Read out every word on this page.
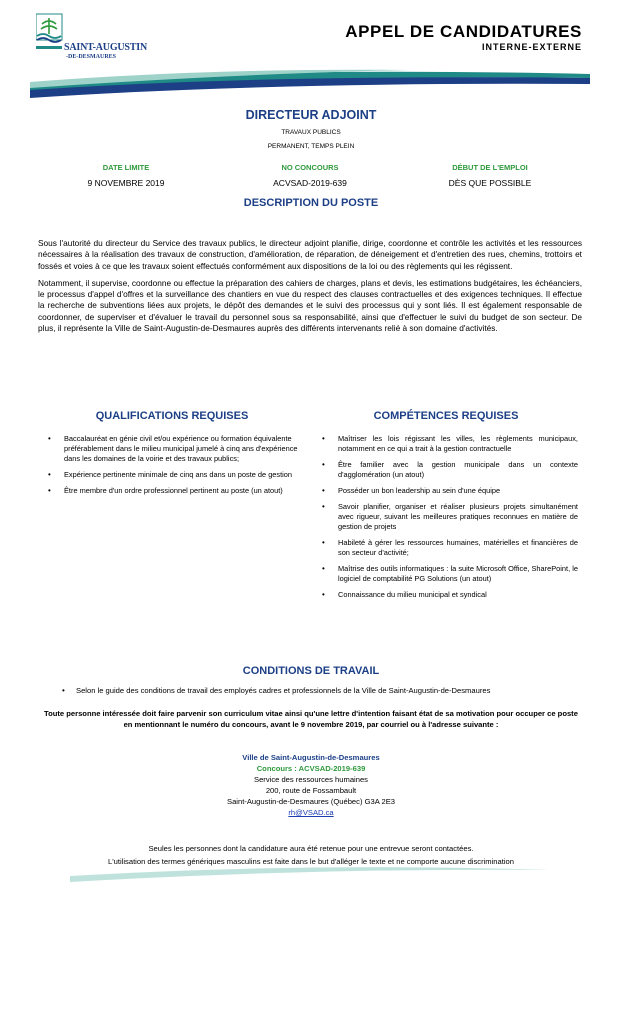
SAINT-AUGUSTIN
-DE-DESMAURES
APPEL DE CANDIDATURES
INTERNE-EXTERNE
DIRECTEUR ADJOINT
TRAVAUX PUBLICS
PERMANENT, TEMPS PLEIN
DATE LIMITE
9 NOVEMBRE 2019
NO CONCOURS
ACVSAD-2019-639
DÉBUT DE L'EMPLOI
DÈS QUE POSSIBLE
DESCRIPTION DU POSTE

Sous l'autorité du directeur du Service des travaux publics, le directeur adjoint planifie, dirige, coordonne et contrôle les activités et les ressources nécessaires à la réalisation des travaux de construction, d'amélioration, de réparation, de déneigement et d'entretien des rues, chemins, trottoirs et fossés et voies à ce que les travaux soient effectués conformément aux dispositions de la loi ou des règlements qui les régissent.

Notamment, il supervise, coordonne ou effectue la préparation des cahiers de charges, plans et devis, les estimations budgétaires, les échéanciers, le processus d'appel d'offres et la surveillance des chantiers en vue du respect des clauses contractuelles et des exigences techniques. Il effectue la recherche de subventions liées aux projets, le dépôt des demandes et le suivi des processus qui y sont liés. Il est également responsable de coordonner, de superviser et d'évaluer le travail du personnel sous sa responsabilité, ainsi que d'effectuer le suivi du budget de son secteur. De plus, il représente la Ville de Saint-Augustin-de-Desmaures auprès des différents intervenants relié à son domaine d'activités.

QUALIFICATIONS REQUISES
• Baccalauréat en génie civil et/ou expérience ou formation équivalente préférablement dans le milieu municipal jumelé à cinq ans d'expérience dans les domaines de la voirie et des travaux publics;
• Expérience pertinente minimale de cinq ans dans un poste de gestion
• Être membre d'un ordre professionnel pertinent au poste (un atout)
COMPÉTENCES REQUISES
• Maîtriser les lois régissant les villes, les règlements municipaux, notamment en ce qui a trait à la gestion contractuelle
• Être familier avec la gestion municipale dans un contexte d'agglomération (un atout)
• Posséder un bon leadership au sein d'une équipe
• Savoir planifier, organiser et réaliser plusieurs projets simultanément avec rigueur, suivant les meilleures pratiques reconnues en matière de gestion de projets
• Habileté à gérer les ressources humaines, matérielles et financières de son secteur d'activité;
• Maîtrise des outils informatiques : la suite Microsoft Office, SharePoint, le logiciel de comptabilité PG Solutions (un atout)
• Connaissance du milieu municipal et syndical
CONDITIONS DE TRAVAIL
• Selon le guide des conditions de travail des employés cadres et professionnels de la Ville de Saint-Augustin-de-Desmaures
Toute personne intéressée doit faire parvenir son curriculum vitae ainsi qu'une lettre d'intention faisant état de sa motivation pour occuper ce poste en mentionnant le numéro du concours, avant le 9 novembre 2019, par courriel ou à l'adresse suivante :
Ville de Saint-Augustin-de-Desmaures
Concours : ACVSAD-2019-639
Service des ressources humaines
200, route de Fossambault
Saint-Augustin-de-Desmaures (Québec) G3A 2E3
rh@VSAD.ca
Seules les personnes dont la candidature aura été retenue pour une entrevue seront contactées.
L'utilisation des termes génériques masculins est faite dans le but d'alléger le texte et ne comporte aucune discrimination
